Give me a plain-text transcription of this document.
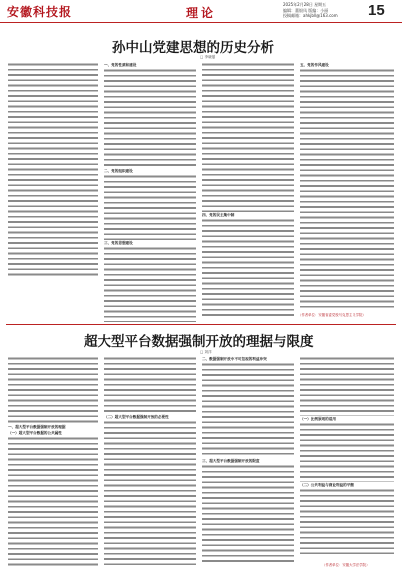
安徽科技报	理论
2025年2月28日 星期五
编辑：董银凤 版编：小丽
投稿邮箱：ahkjbll@163.com	15
孙中山党建思想的历史分析
□ 李晓蔓
一、党的性质和建设
二、党的组织建设
三、党的思想建设
四、党的民主集中制
五、党的作风建设
（作者单位：安徽省委党校马克思主义学院）
超大型平台数据强制开放的理据与限度
□ 刘洋
一、超大型平台数据强制开放的理据
（一）超大型平台数据的公共属性
（二）超大型平台数据强制开放的必要性
二、数据强制开放中不可忽视的利益冲突
三、超大型平台数据强制开放的限度
（一）比例原则的适用
（二）公共利益与商业利益的平衡
（作者单位：安徽大学法学院）
